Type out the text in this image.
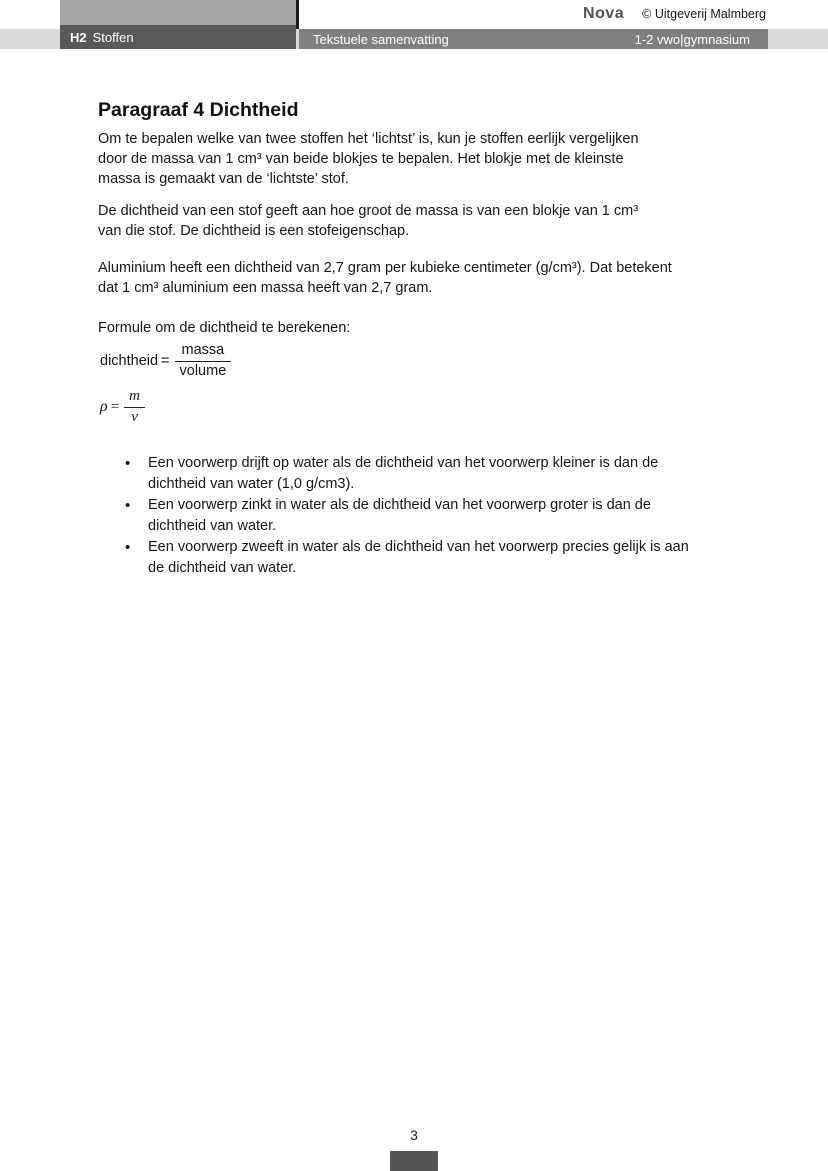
Nova © Uitgeverij Malmberg
H2 Stoffen	Tekstuele samenvatting	1-2 vwo|gymnasium
Paragraaf 4 Dichtheid
Om te bepalen welke van twee stoffen het ‘lichtst’ is, kun je stoffen eerlijk vergelijken
door de massa van 1 cm³ van beide blokjes te bepalen. Het blokje met de kleinste
massa is gemaakt van de ‘lichtste’ stof.
De dichtheid van een stof geeft aan hoe groot de massa is van een blokje van 1 cm³
van die stof. De dichtheid is een stofeigenschap.
Aluminium heeft een dichtheid van 2,7 gram per kubieke centimeter (g/cm³). Dat betekent
dat 1 cm³ aluminium een massa heeft van 2,7 gram.
Formule om de dichtheid te berekenen:
dichtheid = $\frac{\text{massa}}{\text{volume}}$
$\rho = \frac{m}{v}$
• Een voorwerp drijft op water als de dichtheid van het voorwerp kleiner is dan de
dichtheid van water (1,0 g/cm3).
• Een voorwerp zinkt in water als de dichtheid van het voorwerp groter is dan de
dichtheid van water.
• Een voorwerp zweeft in water als de dichtheid van het voorwerp precies gelijk is aan
de dichtheid van water.
3
